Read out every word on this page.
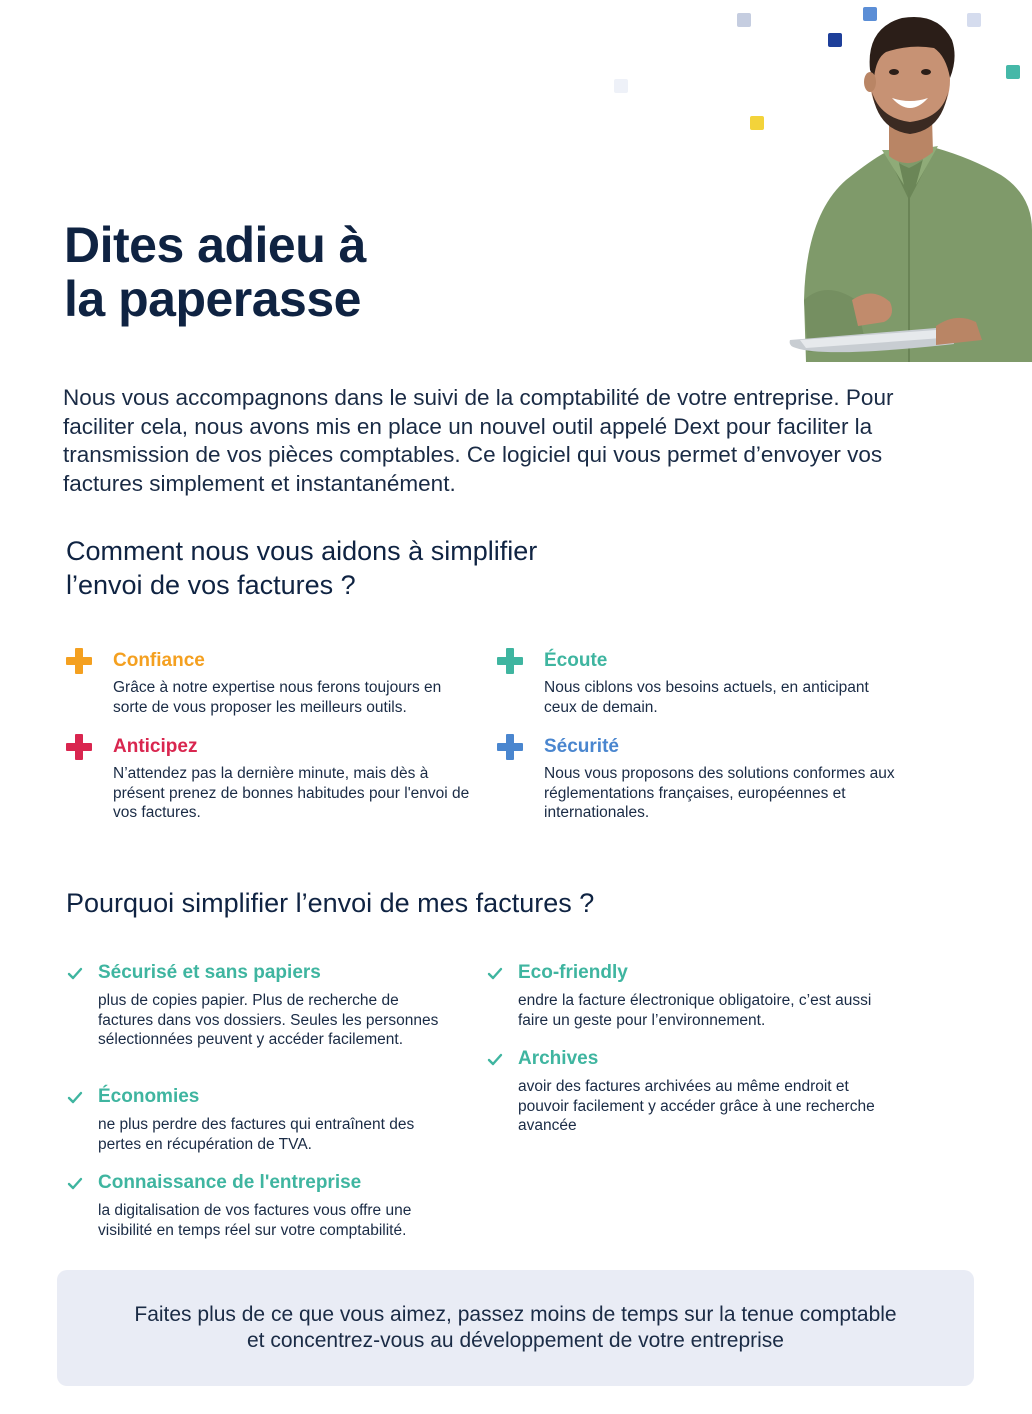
Dites adieu à
la paperasse

Nous vous accompagnons dans le suivi de la comptabilité de votre entreprise. Pour faciliter cela, nous avons mis en place un nouvel outil appelé Dext pour faciliter la transmission de vos pièces comptables. Ce logiciel qui vous permet d’envoyer vos factures simplement et instantanément.

Comment nous vous aidons à simplifier
l’envoi de vos factures ?
Confiance
Grâce à notre expertise nous ferons toujours en sorte de vous proposer les meilleurs outils.
Écoute
Nous ciblons vos besoins actuels, en anticipant ceux de demain.
Anticipez
N’attendez pas la dernière minute, mais dès à présent prenez de bonnes habitudes pour l'envoi de vos factures.
Sécurité
Nous vous proposons des solutions conformes aux réglementations françaises, européennes et internationales.
Pourquoi simplifier l’envoi de mes factures ?
Sécurisé et sans papiers
plus de copies papier. Plus de recherche de factures dans vos dossiers. Seules les personnes sélectionnées peuvent y accéder facilement.
Économies
ne plus perdre des factures qui entraînent des pertes en récupération de TVA.
Connaissance de l'entreprise
la digitalisation de vos factures vous offre une visibilité en temps réel sur votre comptabilité.
Eco-friendly
endre la facture électronique obligatoire, c’est aussi faire un geste pour l’environnement.
Archives
avoir des factures archivées au même endroit et pouvoir facilement y accéder grâce à une recherche avancée
Faites plus de ce que vous aimez, passez moins de temps sur la tenue comptable
et concentrez-vous au développement de votre entreprise
